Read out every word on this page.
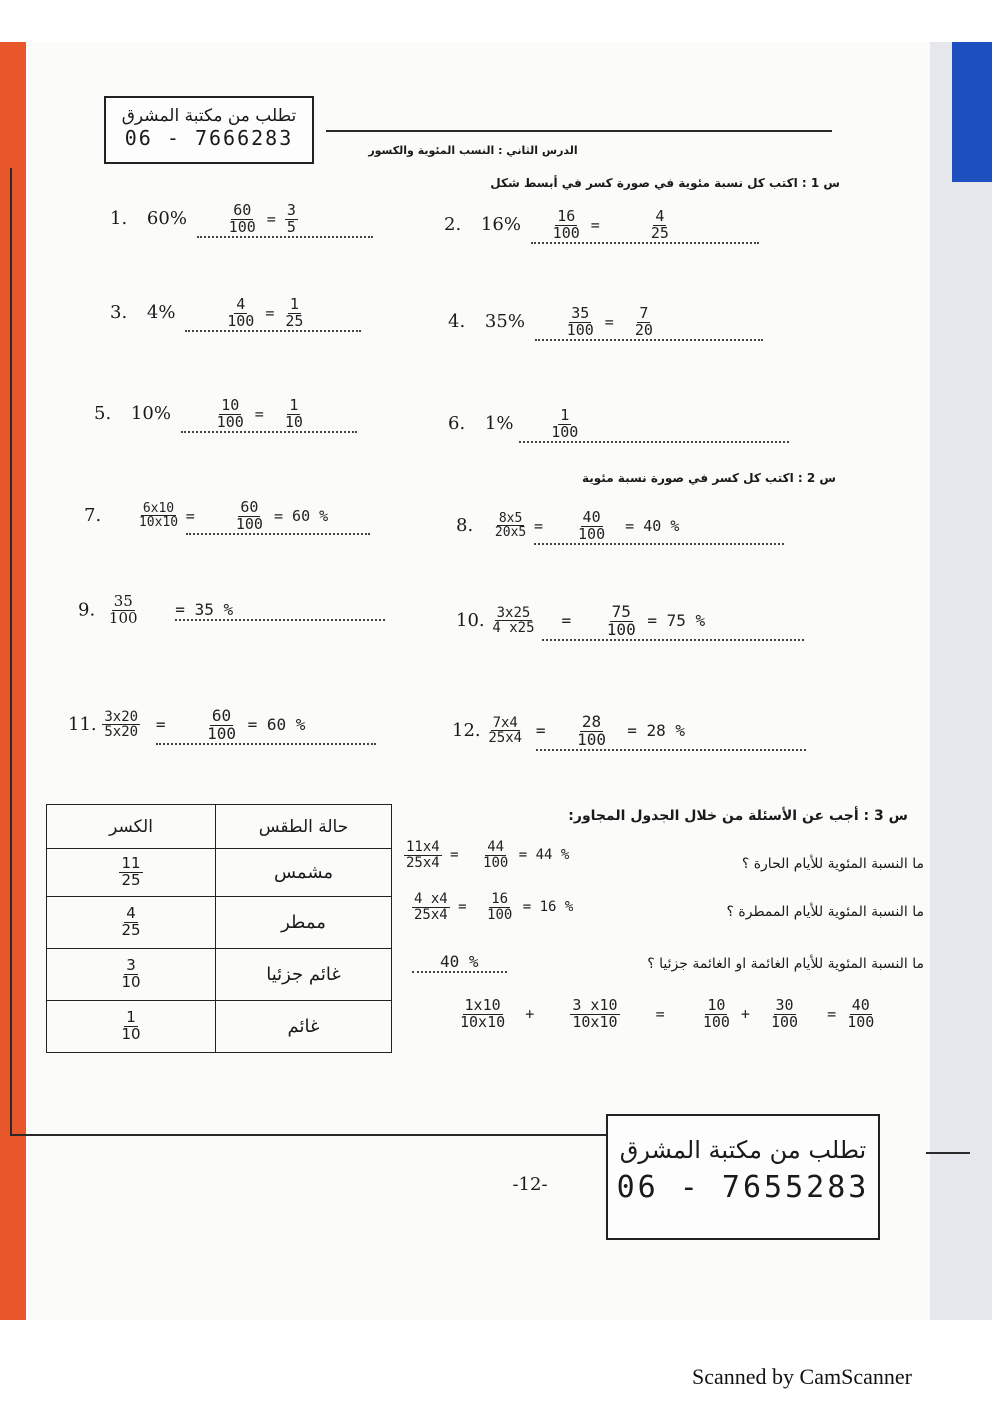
تطلب من مكتبة المشرق
06 - 7666283
الدرس الثاني : النسب المئوية والكسور
س 1 : اكتب كل نسبة مئوية في صورة كسر في أبسط شكل
1. 60%	$\frac{60}{100} = \frac{3}{5}$	2. $16\% \frac{16}{100}$ =	$\frac{4}{25}$
3. 4%	$\frac{4}{100} = \frac{1}{25}$	4. 35%	$\frac{35}{100} = \frac{7}{20}$
5. 10%	$\frac{10}{100} = \frac{1}{10}$	6. $1\% \frac{1}{100}$
س 2 : اكتب كل كسر في صورة نسبة مئوية
7.	$\frac{6x10}{10x10} = \frac{60}{100} = 60$ %	8. $\frac{8x5}{20x5} = \frac{40}{100} = 40$ %
9. $\frac{35}{100} = 35$ %
10. $\frac{3x25}{4 x25} = \frac{75}{100} = 75$ %
11. $\frac{3x20}{5x20} = \frac{60}{100} = 60$ %	12. $\frac{7x4}{25x4} = \frac{28}{100} = 28$ %
الكسر	حالة الطقس

$\frac{11}{25}$	مشمس

$\frac{4}{25}$	ممطر

$\frac{3}{10}$	غائم جزئيا

$\frac{1}{10}$	غائم
س 3 : أجب عن الأسئلة من خلال الجدول المجاور:
$\frac{11x4}{25x4} = \frac{44}{100} = 44$ %
ما النسبة المئوية للأيام الحارة ؟
$\frac{4 x4}{25x4} = \frac{16}{100} = 16$ %	ما النسبة المئوية للأيام الممطرة ؟
40 %	ما النسبة المئوية للأيام الغائمة او الغائمة جزئيا ؟
$\frac{1x10}{10x10} + \frac{3 x10}{10x10} = \frac{10}{100} + \frac{30}{100} = \frac{40}{100}$
-12-
تطلب من مكتبة المشرق
06 - 7655283
Scanned by CamScanner
